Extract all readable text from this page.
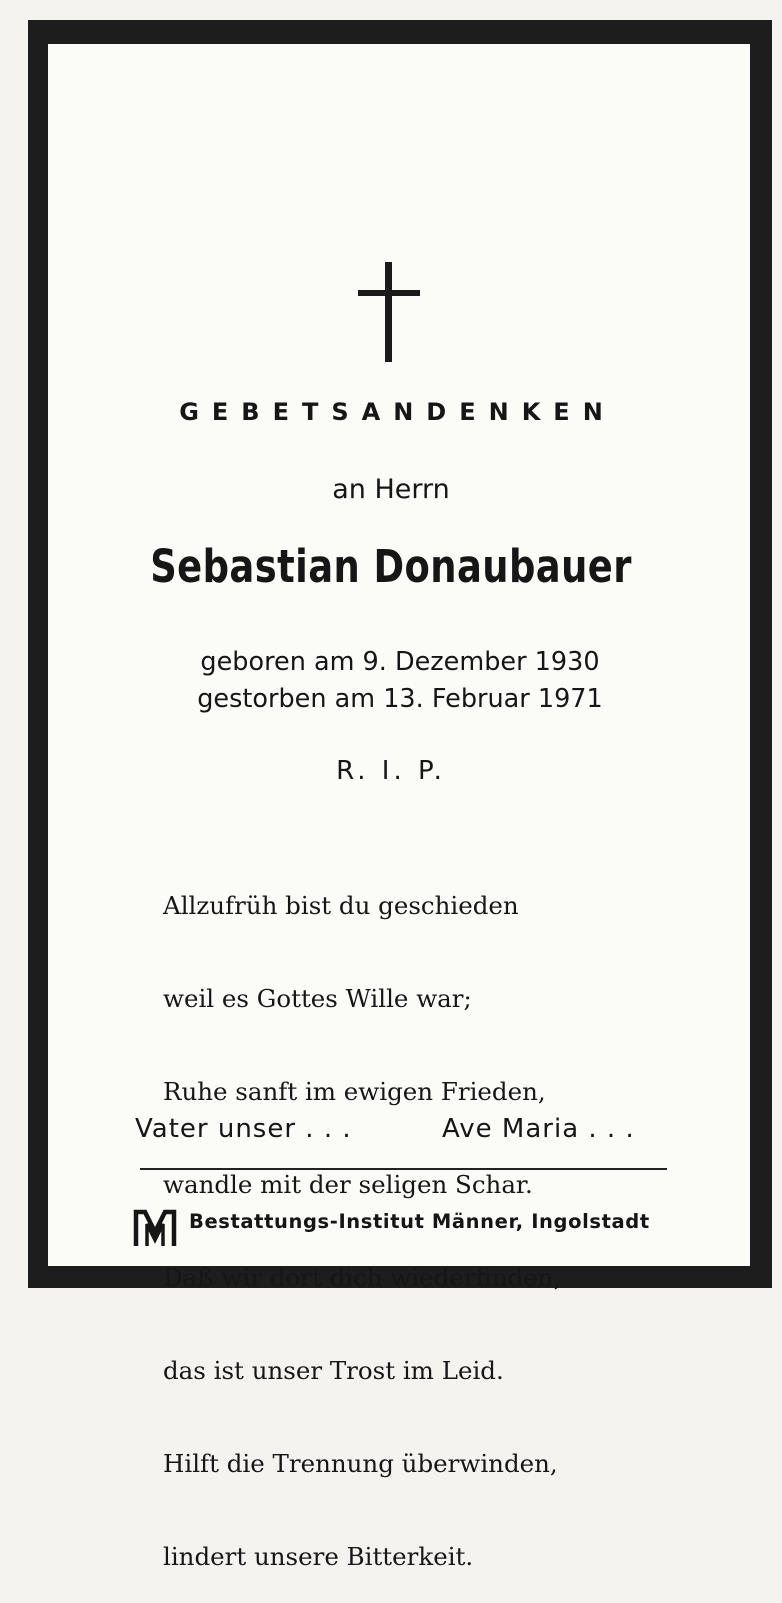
GEBETSANDENKEN
an Herrn
Sebastian Donaubauer
geboren am 9. Dezember 1930
gestorben am 13. Februar 1971
R. I. P.

Allzufrüh bist du geschieden

weil es Gottes Wille war;

Ruhe sanft im ewigen Frieden,

wandle mit der seligen Schar.

Daß wir dort dich wiederfinden,

das ist unser Trost im Leid.

Hilft die Trennung überwinden,

lindert unsere Bitterkeit.

Vater unser . . .	Ave Maria . . .
Bestattungs-Institut Männer, Ingolstadt
